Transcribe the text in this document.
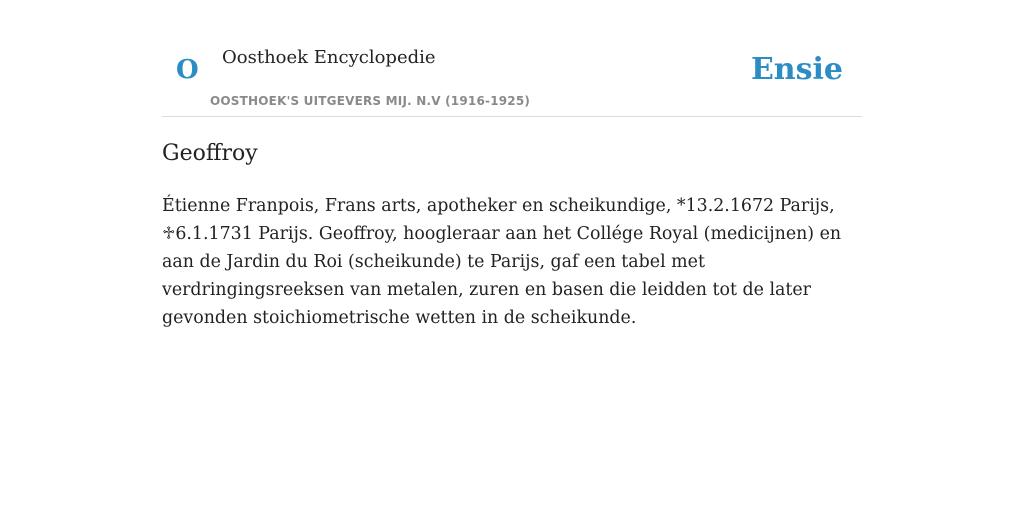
O Oosthoek Encyclopedie
OOSTHOEK'S UITGEVERS MIJ. N.V (1916-1925)
Ensie
Geoffroy

Étienne Franpois, Frans arts, apotheker en scheikundige, *13.2.1672 Parijs, ♱6.1.1731 Parijs. Geoffroy, hoogleraar aan het Collége Royal (medicijnen) en aan de Jardin du Roi (scheikunde) te Parijs, gaf een tabel met verdringingsreeksen van metalen, zuren en basen die leidden tot de later gevonden stoichiometrische wetten in de scheikunde.
